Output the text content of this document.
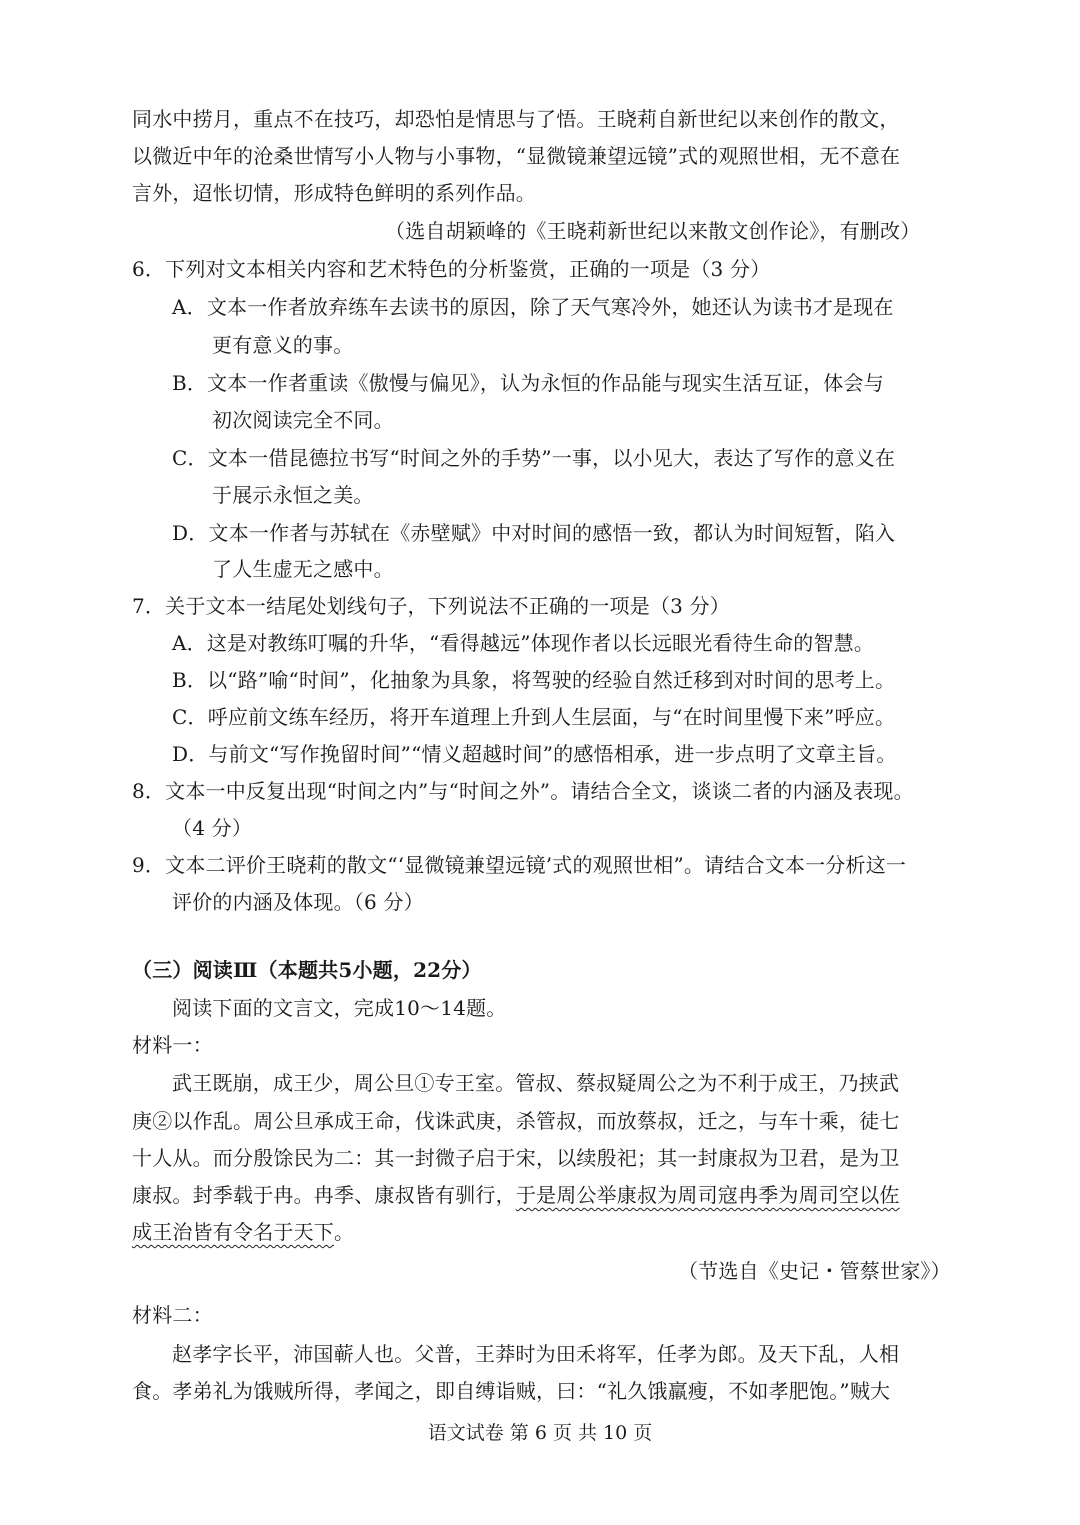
同水中捞月，重点不在技巧，却恐怕是情思与了悟。王晓莉自新世纪以来创作的散文，
以微近中年的沧桑世情写小人物与小事物，“显微镜兼望远镜”式的观照世相，无不意在
言外，迢怅切情，形成特色鲜明的系列作品。
（选自胡颖峰的《王晓莉新世纪以来散文创作论》，有删改）
6．下列对文本相关内容和艺术特色的分析鉴赏，正确的一项是（3 分）
A．文本一作者放弃练车去读书的原因，除了天气寒冷外，她还认为读书才是现在
更有意义的事。
B．文本一作者重读《傲慢与偏见》，认为永恒的作品能与现实生活互证，体会与
初次阅读完全不同。
C．文本一借昆德拉书写“时间之外的手势”一事，以小见大，表达了写作的意义在
于展示永恒之美。
D．文本一作者与苏轼在《赤壁赋》中对时间的感悟一致，都认为时间短暂，陷入
了人生虚无之感中。
7．关于文本一结尾处划线句子，下列说法不正确的一项是（3 分）
A．这是对教练叮嘱的升华，“看得越远”体现作者以长远眼光看待生命的智慧。
B．以“路”喻“时间”，化抽象为具象，将驾驶的经验自然迁移到对时间的思考上。
C．呼应前文练车经历，将开车道理上升到人生层面，与“在时间里慢下来”呼应。
D．与前文“写作挽留时间”“情义超越时间”的感悟相承，进一步点明了文章主旨。
8．文本一中反复出现“时间之内”与“时间之外”。请结合全文，谈谈二者的内涵及表现。
（4 分）
9．文本二评价王晓莉的散文“‘显微镜兼望远镜’式的观照世相”。请结合文本一分析这一
评价的内涵及体现。（6 分）
（三）阅读Ⅲ（本题共5小题，22分）
阅读下面的文言文，完成10～14题。
材料一：
武王既崩，成王少，周公旦①专王室。管叔、蔡叔疑周公之为不利于成王，乃挟武
庚②以作乱。周公旦承成王命，伐诛武庚，杀管叔，而放蔡叔，迁之，与车十乘，徒七
十人从。而分殷馀民为二：其一封微子启于宋，以续殷祀；其一封康叔为卫君，是为卫
康叔。封季载于冉。冉季、康叔皆有驯行，于是周公举康叔为周司寇冉季为周司空以佐
成王治皆有令名于天下。
（节选自《史记・管蔡世家》）
材料二：
赵孝字长平，沛国蕲人也。父普，王莽时为田禾将军，任孝为郎。及天下乱，人相
食。孝弟礼为饿贼所得，孝闻之，即自缚诣贼，曰：“礼久饿羸瘦，不如孝肥饱。”贼大
语文试卷 第 6 页 共 10 页
